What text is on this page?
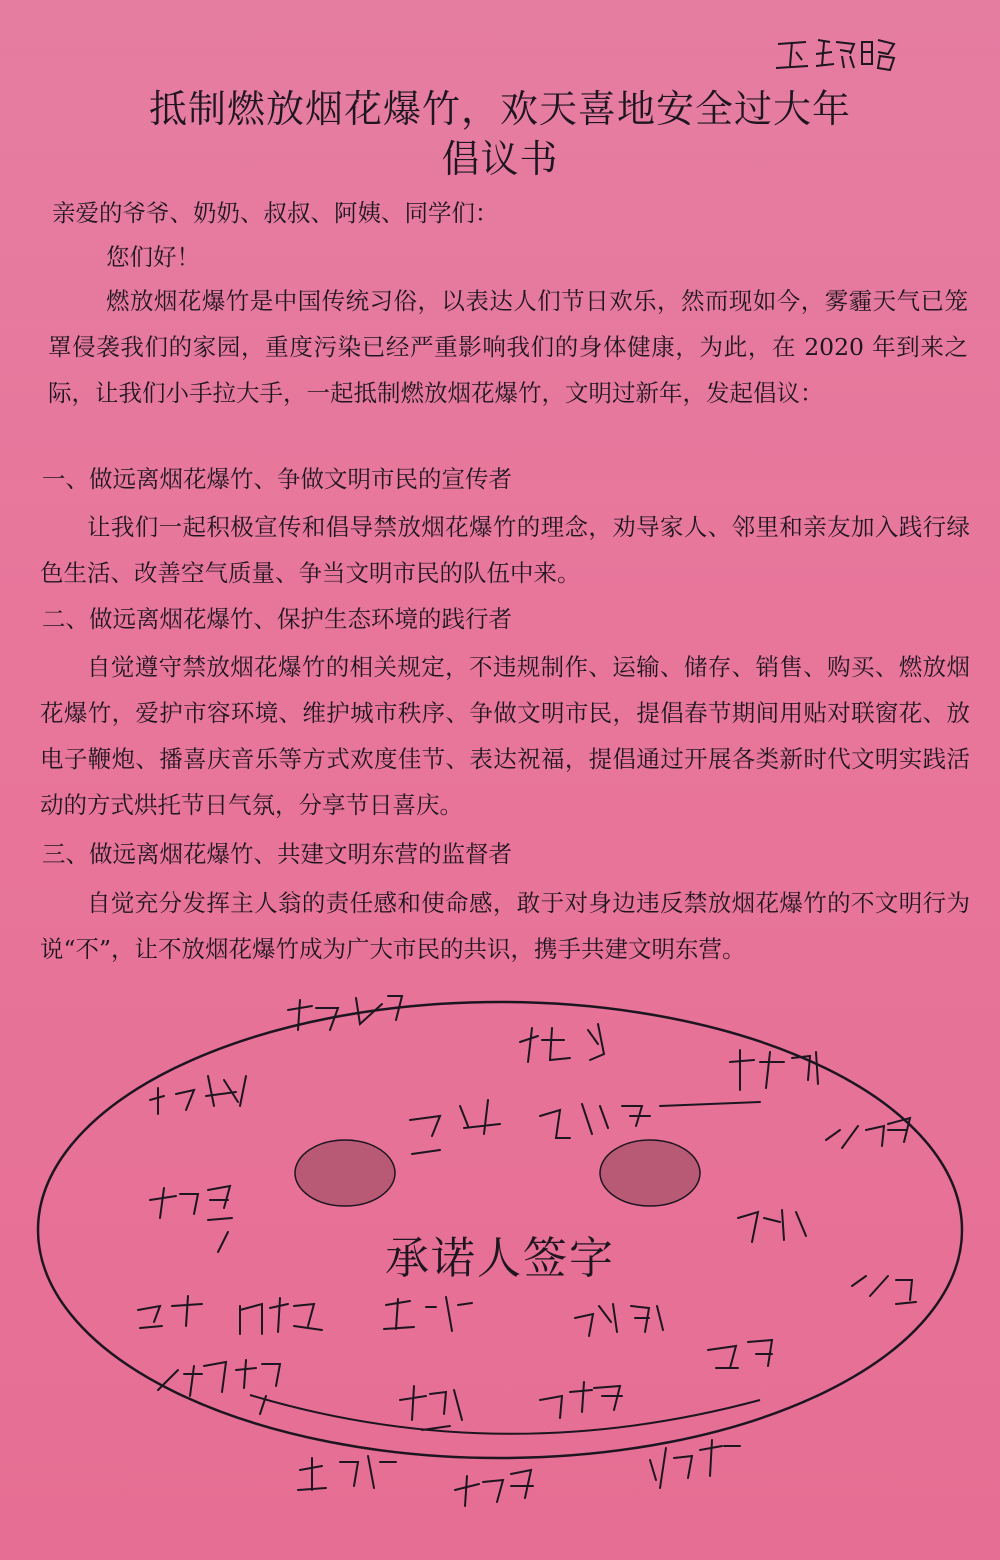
抵制燃放烟花爆竹，欢天喜地安全过大年
倡议书

亲爱的爷爷、奶奶、叔叔、阿姨、同学们：

您们好！

燃放烟花爆竹是中国传统习俗，以表达人们节日欢乐，然而现如今，雾霾天气已笼罩侵袭我们的家园，重度污染已经严重影响我们的身体健康，为此，在 2020 年到来之际，让我们小手拉大手，一起抵制燃放烟花爆竹，文明过新年，发起倡议：

一、做远离烟花爆竹、争做文明市民的宣传者

让我们一起积极宣传和倡导禁放烟花爆竹的理念，劝导家人、邻里和亲友加入践行绿色生活、改善空气质量、争当文明市民的队伍中来。

二、做远离烟花爆竹、保护生态环境的践行者

自觉遵守禁放烟花爆竹的相关规定，不违规制作、运输、储存、销售、购买、燃放烟花爆竹，爱护市容环境、维护城市秩序、争做文明市民，提倡春节期间用贴对联窗花、放电子鞭炮、播喜庆音乐等方式欢度佳节、表达祝福，提倡通过开展各类新时代文明实践活动的方式烘托节日气氛，分享节日喜庆。

三、做远离烟花爆竹、共建文明东营的监督者

自觉充分发挥主人翁的责任感和使命感，敢于对身边违反禁放烟花爆竹的不文明行为说“不”，让不放烟花爆竹成为广大市民的共识，携手共建文明东营。

承诺人签字
